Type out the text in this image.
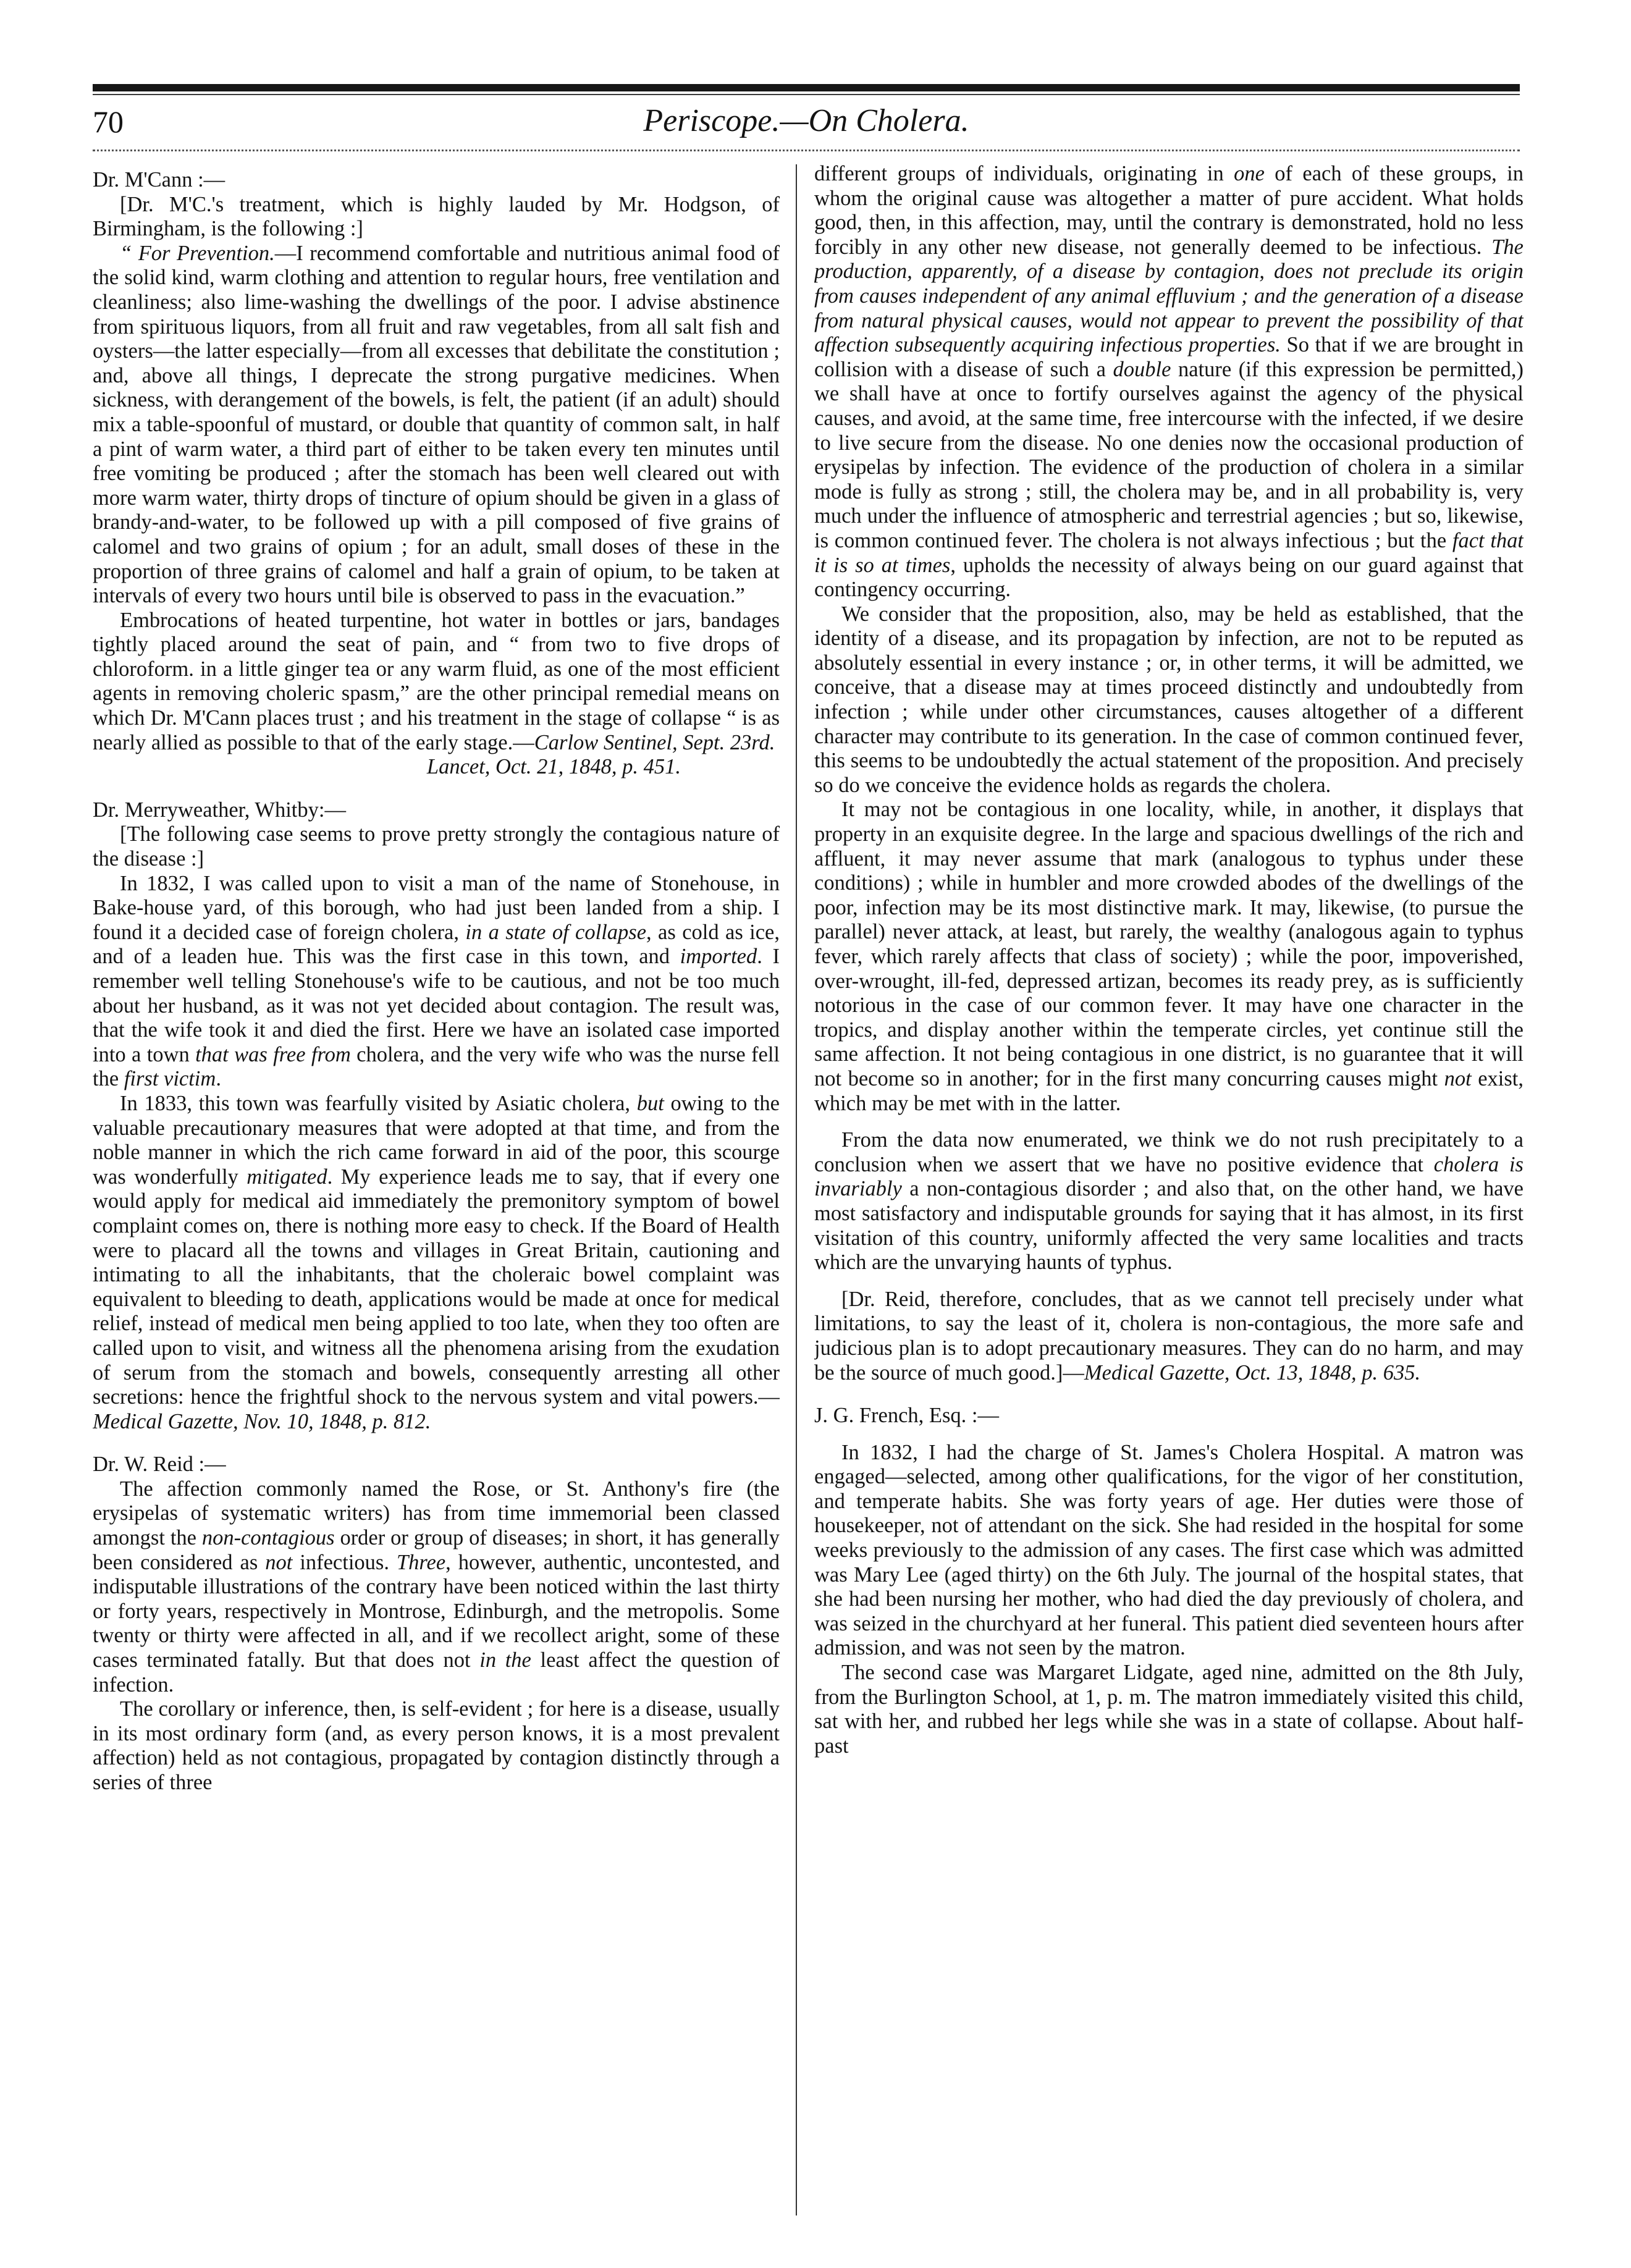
70	Periscope.—On Cholera.

Dr. M'Cann :—

[Dr. M'C.'s treatment, which is highly lauded by Mr. Hodgson, of Birmingham, is the following :]

“ For Prevention.—I recommend comfortable and nutritious animal food of the solid kind, warm clothing and attention to regular hours, free ventilation and cleanliness; also lime-washing the dwellings of the poor. I advise abstinence from spirituous liquors, from all fruit and raw vegetables, from all salt fish and oysters—the latter especially—from all excesses that debilitate the constitution ; and, above all things, I deprecate the strong purgative medicines. When sickness, with derangement of the bowels, is felt, the patient (if an adult) should mix a table-spoonful of mustard, or double that quantity of common salt, in half a pint of warm water, a third part of either to be taken every ten minutes until free vomiting be produced ; after the stomach has been well cleared out with more warm water, thirty drops of tincture of opium should be given in a glass of brandy-and-water, to be followed up with a pill composed of five grains of calomel and two grains of opium ; for an adult, small doses of these in the proportion of three grains of calomel and half a grain of opium, to be taken at intervals of every two hours until bile is observed to pass in the evacuation.”

Embrocations of heated turpentine, hot water in bottles or jars, bandages tightly placed around the seat of pain, and “ from two to five drops of chloroform. in a little ginger tea or any warm fluid, as one of the most efficient agents in removing choleric spasm,” are the other principal remedial means on which Dr. M'Cann places trust ; and his treatment in the stage of collapse “ is as nearly allied as possible to that of the early stage.—Carlow Sentinel, Sept. 23rd.

Lancet, Oct. 21, 1848, p. 451.

Dr. Merryweather, Whitby:—

[The following case seems to prove pretty strongly the contagious nature of the disease :]

In 1832, I was called upon to visit a man of the name of Stonehouse, in Bake-house yard, of this borough, who had just been landed from a ship. I found it a decided case of foreign cholera, in a state of collapse, as cold as ice, and of a leaden hue. This was the first case in this town, and imported. I remember well telling Stonehouse's wife to be cautious, and not be too much about her husband, as it was not yet decided about contagion. The result was, that the wife took it and died the first. Here we have an isolated case imported into a town that was free from cholera, and the very wife who was the nurse fell the first victim.

In 1833, this town was fearfully visited by Asiatic cholera, but owing to the valuable precautionary measures that were adopted at that time, and from the noble manner in which the rich came forward in aid of the poor, this scourge was wonderfully mitigated. My experience leads me to say, that if every one would apply for medical aid immediately the premonitory symptom of bowel complaint comes on, there is nothing more easy to check. If the Board of Health were to placard all the towns and villages in Great Britain, cautioning and intimating to all the inhabitants, that the choleraic bowel complaint was equivalent to bleeding to death, applications would be made at once for medical relief, instead of medical men being applied to too late, when they too often are called upon to visit, and witness all the phenomena arising from the exudation of serum from the stomach and bowels, consequently arresting all other secretions: hence the frightful shock to the nervous system and vital powers.—Medical Gazette, Nov. 10, 1848, p. 812.

Dr. W. Reid :—

The affection commonly named the Rose, or St. Anthony's fire (the erysipelas of systematic writers) has from time immemorial been classed amongst the non-contagious order or group of diseases; in short, it has generally been considered as not infectious. Three, however, authentic, uncontested, and indisputable illustrations of the contrary have been noticed within the last thirty or forty years, respectively in Montrose, Edinburgh, and the metropolis. Some twenty or thirty were affected in all, and if we recollect aright, some of these cases terminated fatally. But that does not in the least affect the question of infection.

The corollary or inference, then, is self-evident ; for here is a disease, usually in its most ordinary form (and, as every person knows, it is a most prevalent affection) held as not contagious, propagated by contagion distinctly through a series of three

different groups of individuals, originating in one of each of these groups, in whom the original cause was altogether a matter of pure accident. What holds good, then, in this affection, may, until the contrary is demonstrated, hold no less forcibly in any other new disease, not generally deemed to be infectious. The production, apparently, of a disease by contagion, does not preclude its origin from causes independent of any animal effluvium ; and the generation of a disease from natural physical causes, would not appear to prevent the possibility of that affection subsequently acquiring infectious properties. So that if we are brought in collision with a disease of such a double nature (if this expression be permitted,) we shall have at once to fortify ourselves against the agency of the physical causes, and avoid, at the same time, free intercourse with the infected, if we desire to live secure from the disease. No one denies now the occasional production of erysipelas by infection. The evidence of the production of cholera in a similar mode is fully as strong ; still, the cholera may be, and in all probability is, very much under the influence of atmospheric and terrestrial agencies ; but so, likewise, is common continued fever. The cholera is not always infectious ; but the fact that it is so at times, upholds the necessity of always being on our guard against that contingency occurring.

We consider that the proposition, also, may be held as established, that the identity of a disease, and its propagation by infection, are not to be reputed as absolutely essential in every instance ; or, in other terms, it will be admitted, we conceive, that a disease may at times proceed distinctly and undoubtedly from infection ; while under other circumstances, causes altogether of a different character may contribute to its generation. In the case of common continued fever, this seems to be undoubtedly the actual statement of the proposition. And precisely so do we conceive the evidence holds as regards the cholera.

It may not be contagious in one locality, while, in another, it displays that property in an exquisite degree. In the large and spacious dwellings of the rich and affluent, it may never assume that mark (analogous to typhus under these conditions) ; while in humbler and more crowded abodes of the dwellings of the poor, infection may be its most distinctive mark. It may, likewise, (to pursue the parallel) never attack, at least, but rarely, the wealthy (analogous again to typhus fever, which rarely affects that class of society) ; while the poor, impoverished, over-wrought, ill-fed, depressed artizan, becomes its ready prey, as is sufficiently notorious in the case of our common fever. It may have one character in the tropics, and display another within the temperate circles, yet continue still the same affection. It not being contagious in one district, is no guarantee that it will not become so in another; for in the first many concurring causes might not exist, which may be met with in the latter.

From the data now enumerated, we think we do not rush precipitately to a conclusion when we assert that we have no positive evidence that cholera is invariably a non-contagious disorder ; and also that, on the other hand, we have most satisfactory and indisputable grounds for saying that it has almost, in its first visitation of this country, uniformly affected the very same localities and tracts which are the unvarying haunts of typhus.

[Dr. Reid, therefore, concludes, that as we cannot tell precisely under what limitations, to say the least of it, cholera is non-contagious, the more safe and judicious plan is to adopt precautionary measures. They can do no harm, and may be the source of much good.]—Medical Gazette, Oct. 13, 1848, p. 635.

J. G. French, Esq. :—

In 1832, I had the charge of St. James's Cholera Hospital. A matron was engaged—selected, among other qualifications, for the vigor of her constitution, and temperate habits. She was forty years of age. Her duties were those of housekeeper, not of attendant on the sick. She had resided in the hospital for some weeks previously to the admission of any cases. The first case which was admitted was Mary Lee (aged thirty) on the 6th July. The journal of the hospital states, that she had been nursing her mother, who had died the day previously of cholera, and was seized in the churchyard at her funeral. This patient died seventeen hours after admission, and was not seen by the matron.

The second case was Margaret Lidgate, aged nine, admitted on the 8th July, from the Burlington School, at 1, p. m. The matron immediately visited this child, sat with her, and rubbed her legs while she was in a state of collapse. About half-past
